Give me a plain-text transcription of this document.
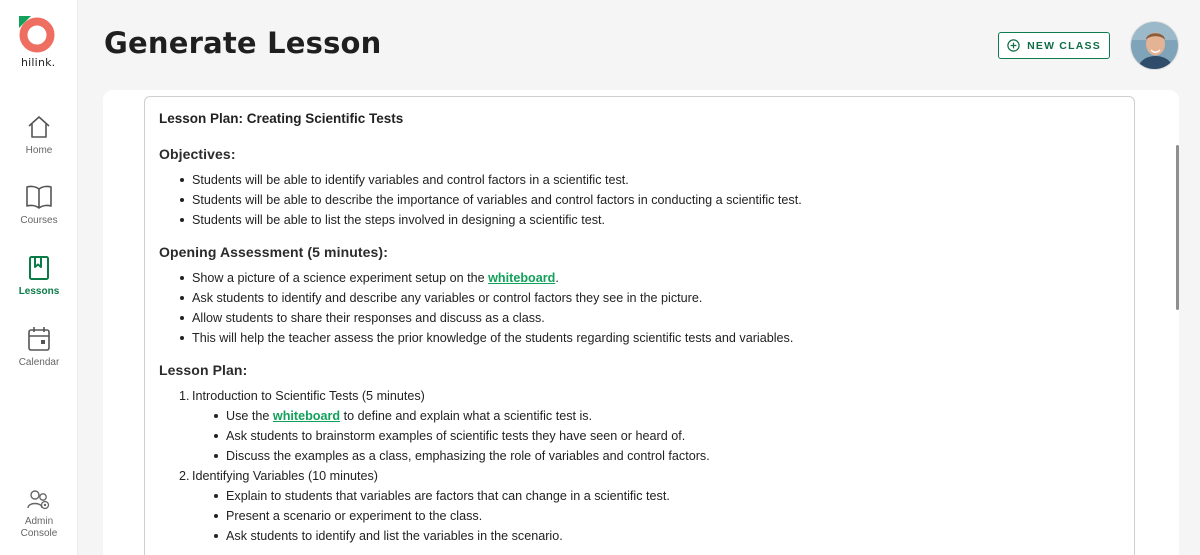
hilink.
Home
Courses
Lessons
Calendar
Admin
Console
Generate Lesson	NEW CLASS
Lesson Plan: Creating Scientific Tests
Objectives:
Students will be able to identify variables and control factors in a scientific test.
Students will be able to describe the importance of variables and control factors in conducting a scientific test.
Students will be able to list the steps involved in designing a scientific test.
Opening Assessment (5 minutes):
Show a picture of a science experiment setup on the whiteboard.
Ask students to identify and describe any variables or control factors they see in the picture.
Allow students to share their responses and discuss as a class.
This will help the teacher assess the prior knowledge of the students regarding scientific tests and variables.
Lesson Plan:
1. Introduction to Scientific Tests (5 minutes)
Use the whiteboard to define and explain what a scientific test is.
Ask students to brainstorm examples of scientific tests they have seen or heard of.
Discuss the examples as a class, emphasizing the role of variables and control factors.
2. Identifying Variables (10 minutes)
Explain to students that variables are factors that can change in a scientific test.
Present a scenario or experiment to the class.
Ask students to identify and list the variables in the scenario.
